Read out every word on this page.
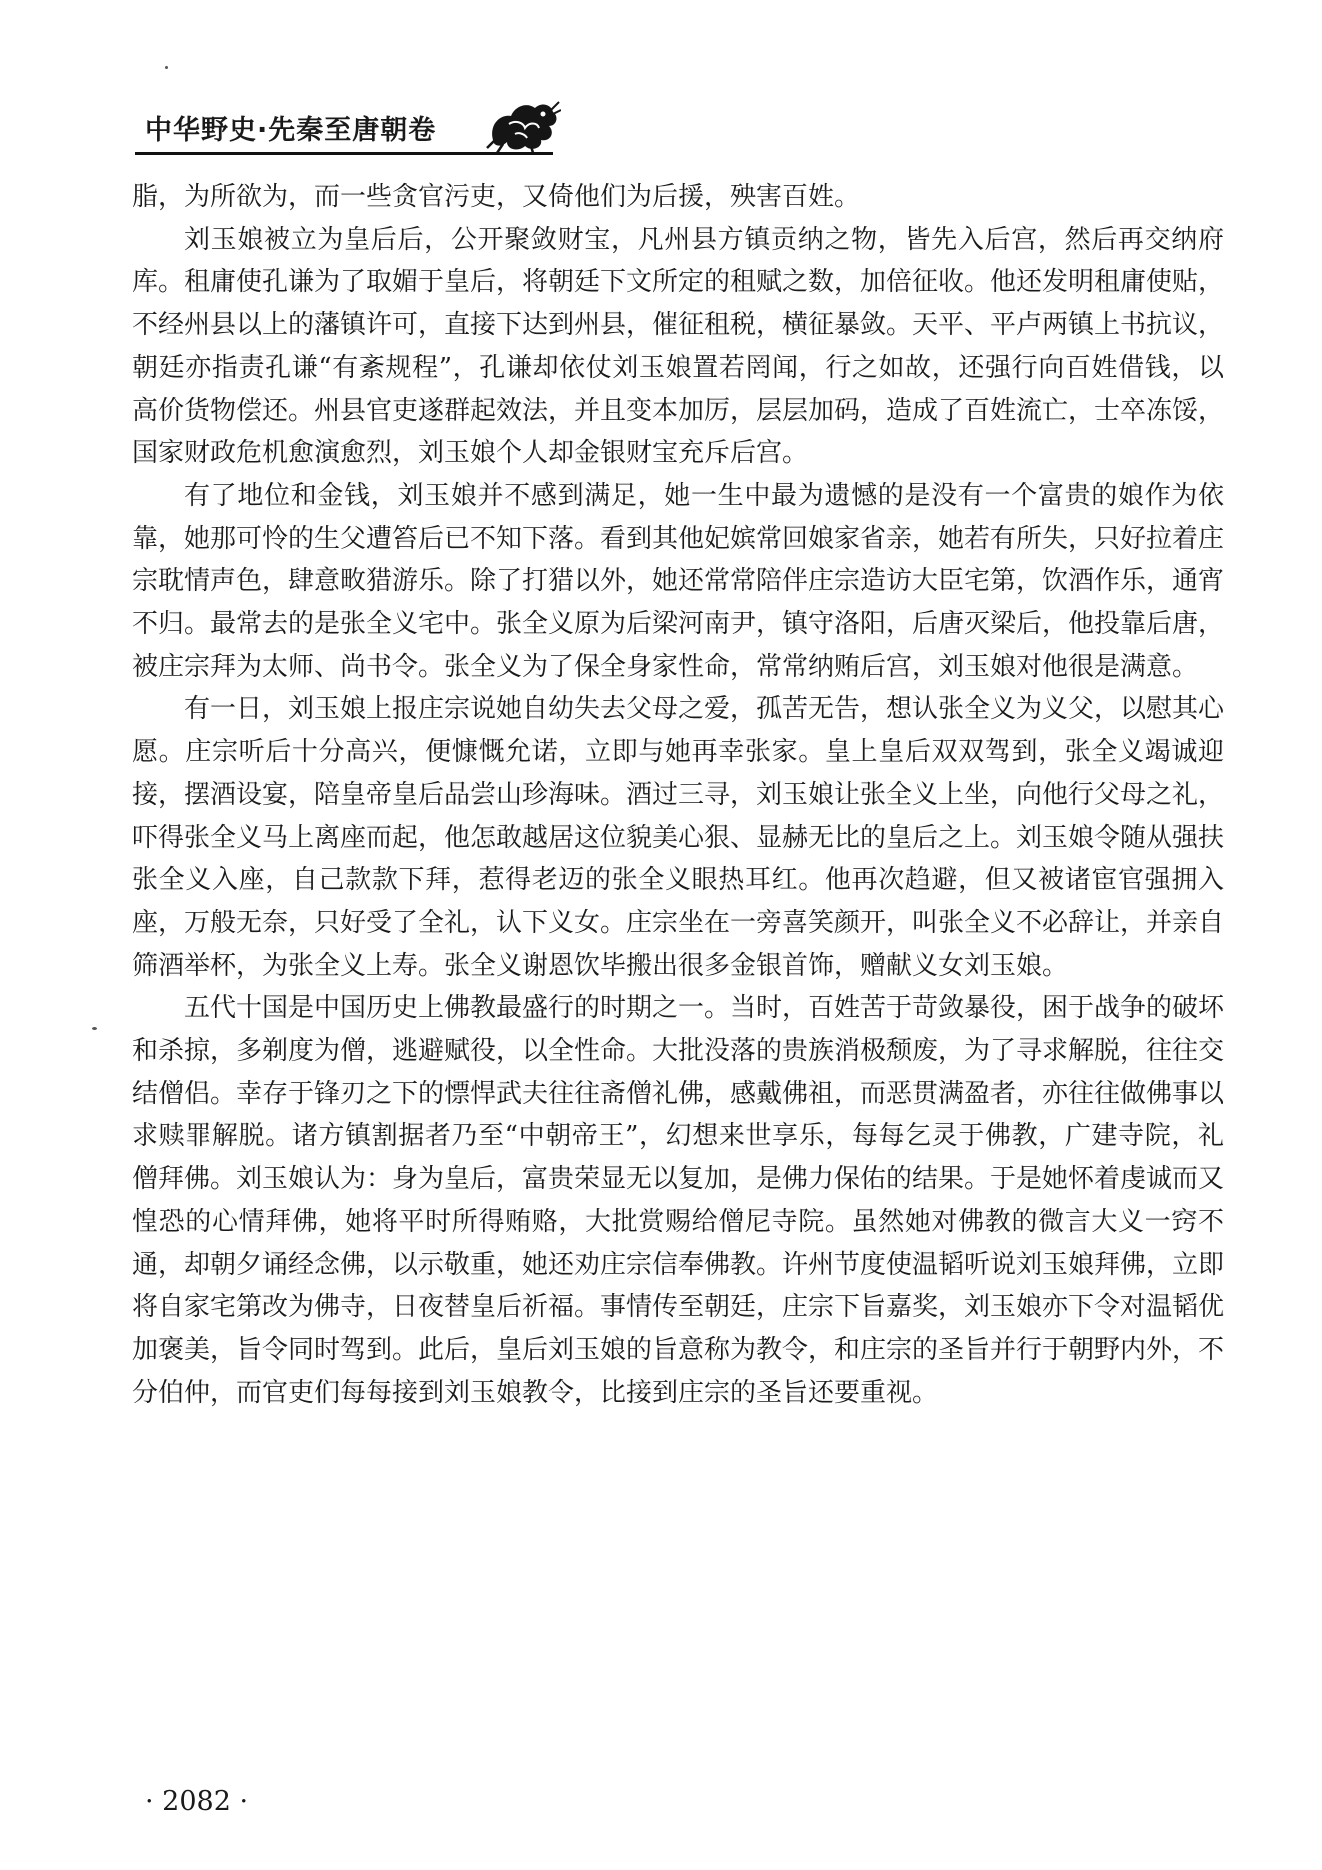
中华野史·先秦至唐朝卷

脂，为所欲为，而一些贪官污吏，又倚他们为后援，殃害百姓。

刘玉娘被立为皇后后，公开聚敛财宝，凡州县方镇贡纳之物，皆先入后宫，然后再交纳府库。租庸使孔谦为了取媚于皇后，将朝廷下文所定的租赋之数，加倍征收。他还发明租庸使贴，不经州县以上的藩镇许可，直接下达到州县，催征租税，横征暴敛。天平、平卢两镇上书抗议，朝廷亦指责孔谦“有紊规程”，孔谦却依仗刘玉娘置若罔闻，行之如故，还强行向百姓借钱，以高价货物偿还。州县官吏遂群起效法，并且变本加厉，层层加码，造成了百姓流亡，士卒冻馁，国家财政危机愈演愈烈，刘玉娘个人却金银财宝充斥后宫。

有了地位和金钱，刘玉娘并不感到满足，她一生中最为遗憾的是没有一个富贵的娘作为依靠，她那可怜的生父遭笞后已不知下落。看到其他妃嫔常回娘家省亲，她若有所失，只好拉着庄宗耽情声色，肆意畋猎游乐。除了打猎以外，她还常常陪伴庄宗造访大臣宅第，饮酒作乐，通宵不归。最常去的是张全义宅中。张全义原为后梁河南尹，镇守洛阳，后唐灭梁后，他投靠后唐，被庄宗拜为太师、尚书令。张全义为了保全身家性命，常常纳贿后宫，刘玉娘对他很是满意。

有一日，刘玉娘上报庄宗说她自幼失去父母之爱，孤苦无告，想认张全义为义父，以慰其心愿。庄宗听后十分高兴，便慷慨允诺，立即与她再幸张家。皇上皇后双双驾到，张全义竭诚迎接，摆酒设宴，陪皇帝皇后品尝山珍海味。酒过三寻，刘玉娘让张全义上坐，向他行父母之礼，吓得张全义马上离座而起，他怎敢越居这位貌美心狠、显赫无比的皇后之上。刘玉娘令随从强扶张全义入座，自己款款下拜，惹得老迈的张全义眼热耳红。他再次趋避，但又被诸宦官强拥入座，万般无奈，只好受了全礼，认下义女。庄宗坐在一旁喜笑颜开，叫张全义不必辞让，并亲自筛酒举杯，为张全义上寿。张全义谢恩饮毕搬出很多金银首饰，赠献义女刘玉娘。

五代十国是中国历史上佛教最盛行的时期之一。当时，百姓苦于苛敛暴役，困于战争的破坏和杀掠，多剃度为僧，逃避赋役，以全性命。大批没落的贵族消极颓废，为了寻求解脱，往往交结僧侣。幸存于锋刃之下的慓悍武夫往往斋僧礼佛，感戴佛祖，而恶贯满盈者，亦往往做佛事以求赎罪解脱。诸方镇割据者乃至“中朝帝王”，幻想来世享乐，每每乞灵于佛教，广建寺院，礼僧拜佛。刘玉娘认为：身为皇后，富贵荣显无以复加，是佛力保佑的结果。于是她怀着虔诚而又惶恐的心情拜佛，她将平时所得贿赂，大批赏赐给僧尼寺院。虽然她对佛教的微言大义一窍不通，却朝夕诵经念佛，以示敬重，她还劝庄宗信奉佛教。许州节度使温韬听说刘玉娘拜佛，立即将自家宅第改为佛寺，日夜替皇后祈福。事情传至朝廷，庄宗下旨嘉奖，刘玉娘亦下令对温韬优加褒美，旨令同时驾到。此后，皇后刘玉娘的旨意称为教令，和庄宗的圣旨并行于朝野内外，不分伯仲，而官吏们每每接到刘玉娘教令，比接到庄宗的圣旨还要重视。

· 2082 ·
